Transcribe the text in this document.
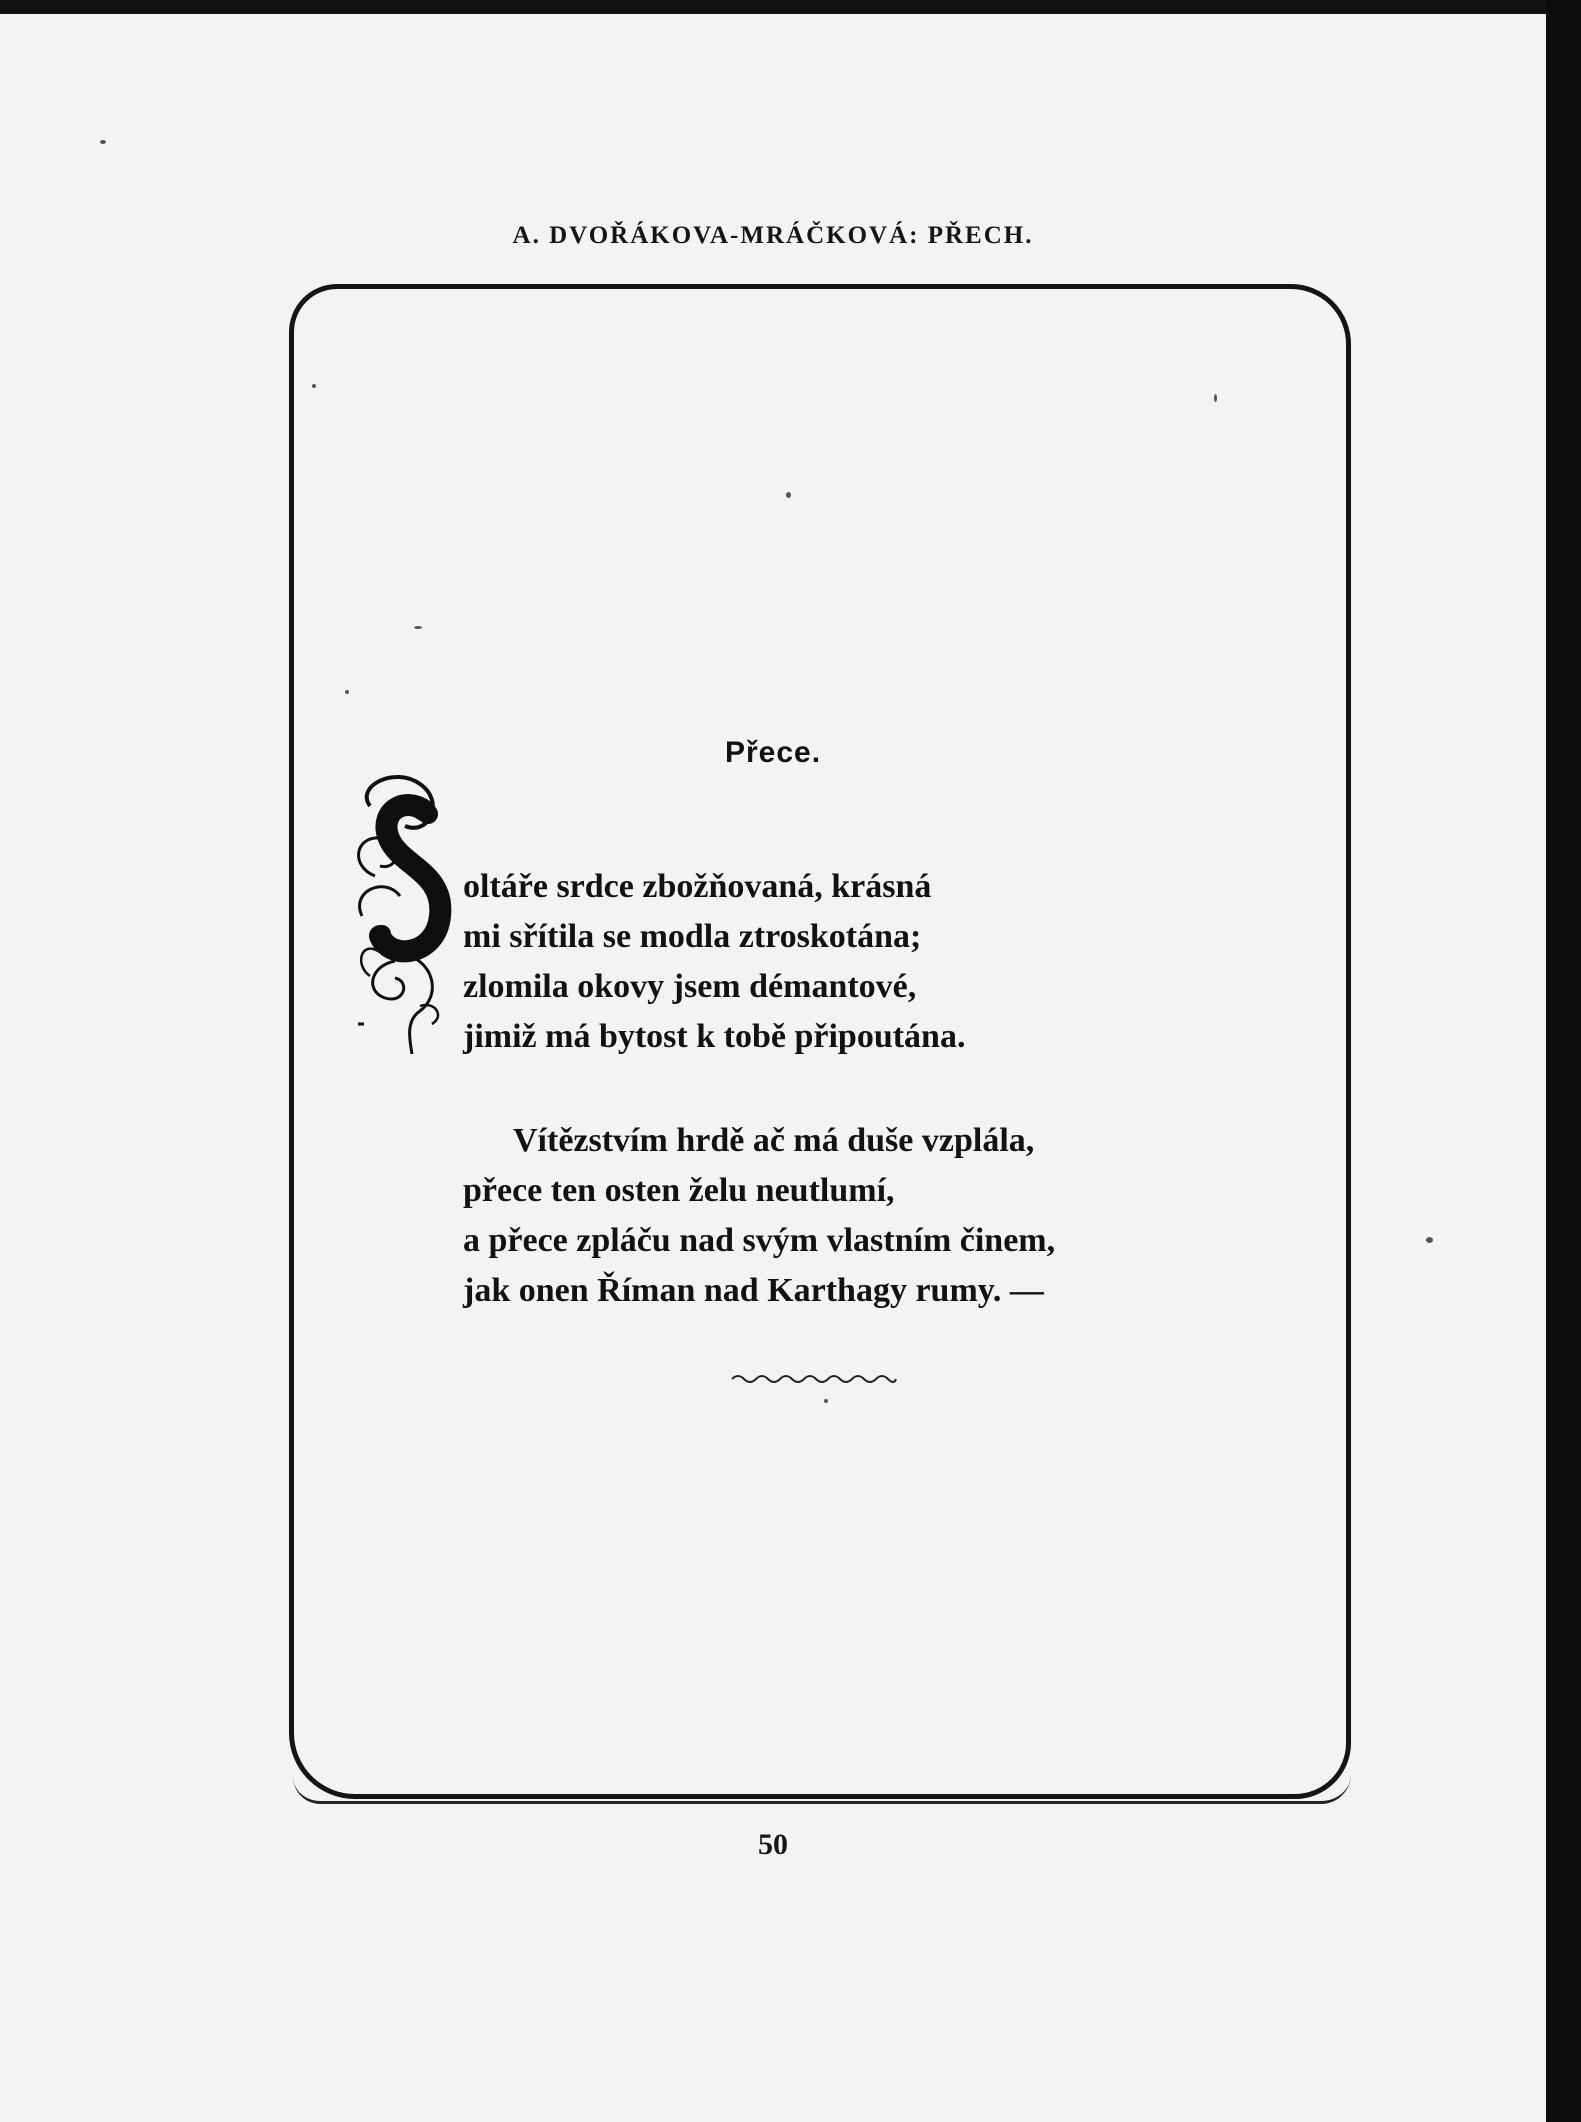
A. DVOŘÁKOVA-MRÁČKOVÁ: PŘECH.
Přece.
oltáře srdce zbožňovaná, krásná
mi sřítila se modla ztroskotána;
zlomila okovy jsem démantové,
jimiž má bytost k tobě připoutána.
Vítězstvím hrdě ač má duše vzplála,
přece ten osten želu neutlumí,
a přece zpláču nad svým vlastním činem,
jak onen Říman nad Karthagy rumy. —
50
